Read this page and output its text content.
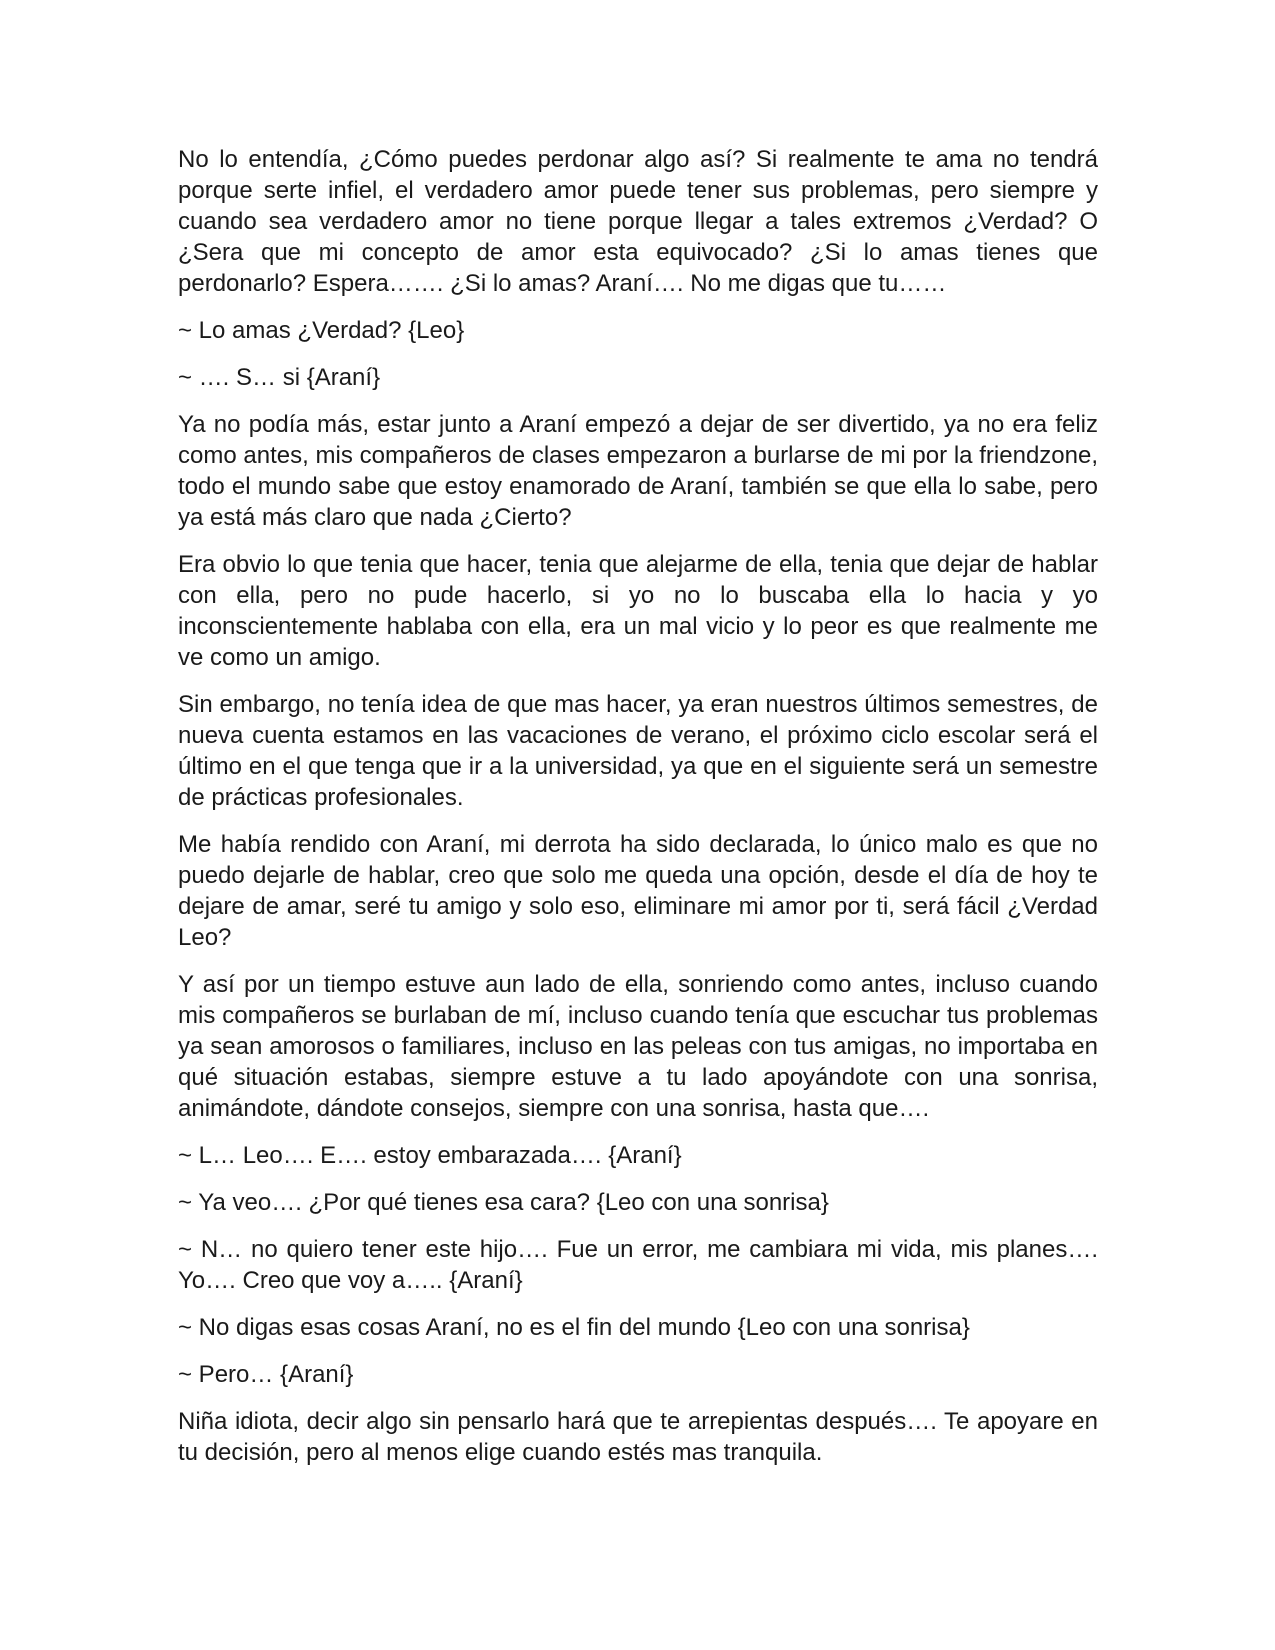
No lo entendía, ¿Cómo puedes perdonar algo así? Si realmente te ama no tendrá porque serte infiel, el verdadero amor puede tener sus problemas, pero siempre y cuando sea verdadero amor no tiene porque llegar a tales extremos ¿Verdad? O ¿Sera que mi concepto de amor esta equivocado? ¿Si lo amas tienes que perdonarlo? Espera……. ¿Si lo amas? Araní…. No me digas que tu……

~ Lo amas ¿Verdad? {Leo}

~ …. S… si {Araní}

Ya no podía más, estar junto a Araní empezó a dejar de ser divertido, ya no era feliz como antes, mis compañeros de clases empezaron a burlarse de mi por la friendzone, todo el mundo sabe que estoy enamorado de Araní, también se que ella lo sabe, pero ya está más claro que nada ¿Cierto?

Era obvio lo que tenia que hacer, tenia que alejarme de ella, tenia que dejar de hablar con ella, pero no pude hacerlo, si yo no lo buscaba ella lo hacia y yo inconscientemente hablaba con ella, era un mal vicio y lo peor es que realmente me ve como un amigo.

Sin embargo, no tenía idea de que mas hacer, ya eran nuestros últimos semestres, de nueva cuenta estamos en las vacaciones de verano, el próximo ciclo escolar será el último en el que tenga que ir a la universidad, ya que en el siguiente será un semestre de prácticas profesionales.

Me había rendido con Araní, mi derrota ha sido declarada, lo único malo es que no puedo dejarle de hablar, creo que solo me queda una opción, desde el día de hoy te dejare de amar, seré tu amigo y solo eso, eliminare mi amor por ti, será fácil ¿Verdad Leo?

Y así por un tiempo estuve aun lado de ella, sonriendo como antes, incluso cuando mis compañeros se burlaban de mí, incluso cuando tenía que escuchar tus problemas ya sean amorosos o familiares, incluso en las peleas con tus amigas, no importaba en qué situación estabas, siempre estuve a tu lado apoyándote con una sonrisa, animándote, dándote consejos, siempre con una sonrisa, hasta que….

~ L… Leo…. E…. estoy embarazada…. {Araní}

~ Ya veo…. ¿Por qué tienes esa cara? {Leo con una sonrisa}

~ N… no quiero tener este hijo…. Fue un error, me cambiara mi vida, mis planes…. Yo…. Creo que voy a….. {Araní}

~ No digas esas cosas Araní, no es el fin del mundo {Leo con una sonrisa}

~ Pero… {Araní}

Niña idiota, decir algo sin pensarlo hará que te arrepientas después…. Te apoyare en tu decisión, pero al menos elige cuando estés mas tranquila.
